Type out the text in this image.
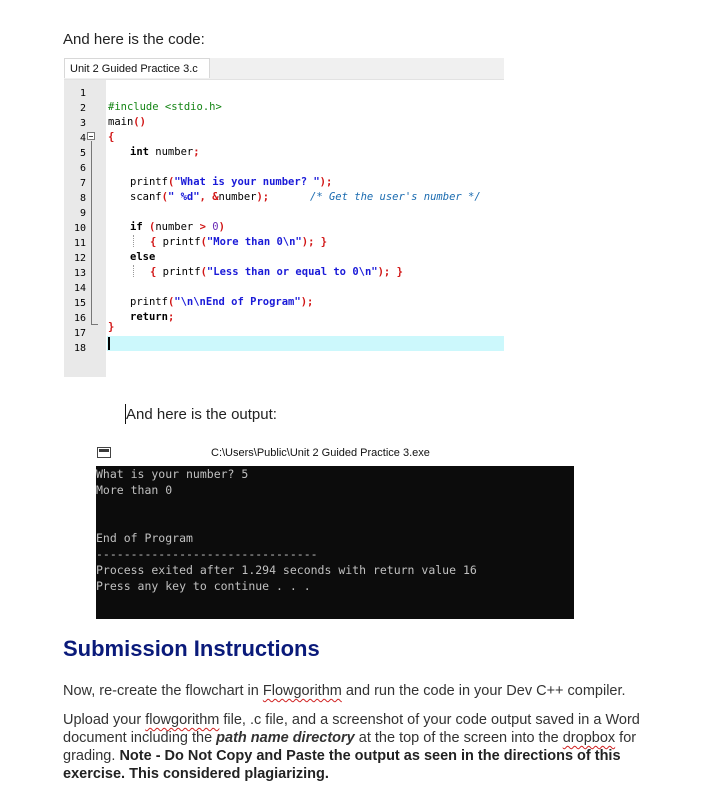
And here is the code:
Unit 2 Guided Practice 3.c
1
2
3
4
5
6
7
8
9
10
11
12
13
14
15
16
17
18
#include <stdio.h>
main()
{
int number;
printf("What is your number? ");
scanf(" %d", &number);	/* Get the user's number */
if (number > 0)
{ printf("More than 0\n"); }
else
{ printf("Less than or equal to 0\n"); }
printf("\n\nEnd of Program");
return;
}
And here is the output:
C:\Users\Public\Unit 2 Guided Practice 3.exe
What is your number? 5
More than 0
End of Program
--------------------------------
Process exited after 1.294 seconds with return value 16
Press any key to continue . . .
Submission Instructions
Now, re-create the flowchart in Flowgorithm and run the code in your Dev C++ compiler.
Upload your flowgorithm file, .c file, and a screenshot of your code output saved in a Word document including the path name directory at the top of the screen into the dropbox for grading. Note - Do Not Copy and Paste the output as seen in the directions of this exercise. This considered plagiarizing.
